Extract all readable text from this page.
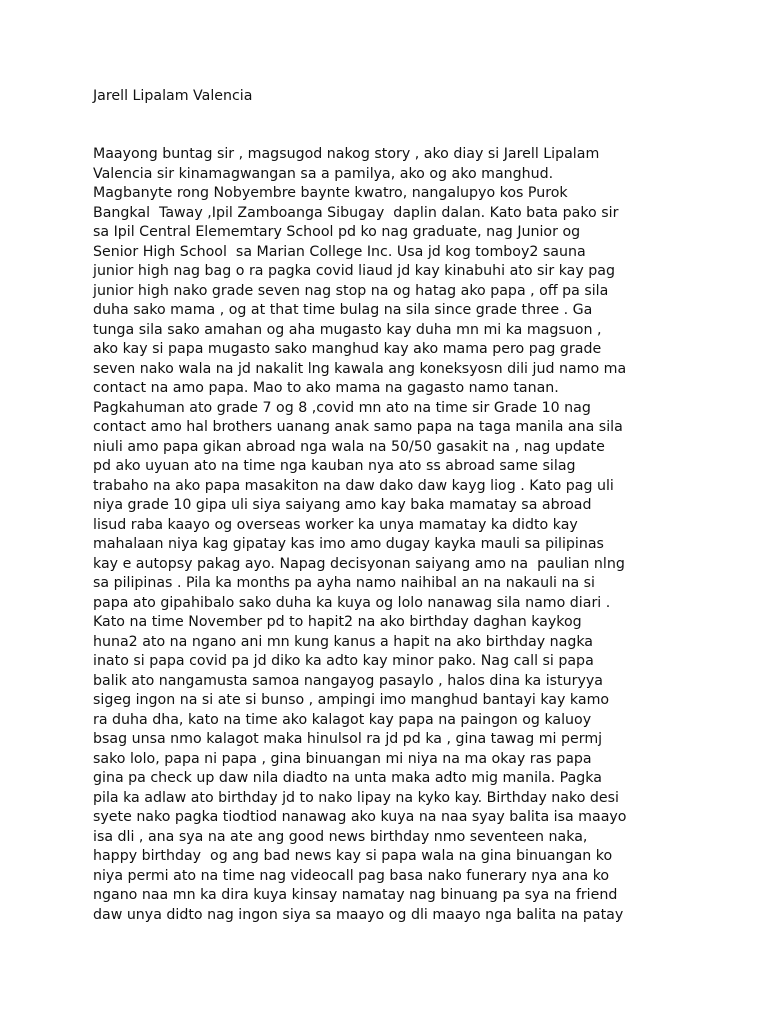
Jarell Lipalam Valencia
Maayong buntag sir , magsugod nakog story , ako diay si Jarell Lipalam
Valencia sir kinamagwangan sa a pamilya, ako og ako manghud.
Magbanyte rong Nobyembre baynte kwatro, nangalupyo kos Purok
Bangkal  Taway ,Ipil Zamboanga Sibugay  daplin dalan. Kato bata pako sir
sa Ipil Central Elememtary School pd ko nag graduate, nag Junior og
Senior High School  sa Marian College Inc. Usa jd kog tomboy2 sauna
junior high nag bag o ra pagka covid liaud jd kay kinabuhi ato sir kay pag
junior high nako grade seven nag stop na og hatag ako papa , off pa sila
duha sako mama , og at that time bulag na sila since grade three . Ga
tunga sila sako amahan og aha mugasto kay duha mn mi ka magsuon ,
ako kay si papa mugasto sako manghud kay ako mama pero pag grade
seven nako wala na jd nakalit lng kawala ang koneksyosn dili jud namo ma
contact na amo papa. Mao to ako mama na gagasto namo tanan.
Pagkahuman ato grade 7 og 8 ,covid mn ato na time sir Grade 10 nag
contact amo hal brothers uanang anak samo papa na taga manila ana sila
niuli amo papa gikan abroad nga wala na 50/50 gasakit na , nag update
pd ako uyuan ato na time nga kauban nya ato ss abroad same silag
trabaho na ako papa masakiton na daw dako daw kayg liog . Kato pag uli
niya grade 10 gipa uli siya saiyang amo kay baka mamatay sa abroad
lisud raba kaayo og overseas worker ka unya mamatay ka didto kay
mahalaan niya kag gipatay kas imo amo dugay kayka mauli sa pilipinas
kay e autopsy pakag ayo. Napag decisyonan saiyang amo na  paulian nlng
sa pilipinas . Pila ka months pa ayha namo naihibal an na nakauli na si
papa ato gipahibalo sako duha ka kuya og lolo nanawag sila namo diari .
Kato na time November pd to hapit2 na ako birthday daghan kaykog
huna2 ato na ngano ani mn kung kanus a hapit na ako birthday nagka
inato si papa covid pa jd diko ka adto kay minor pako. Nag call si papa
balik ato nangamusta samoa nangayog pasaylo , halos dina ka isturyya
sigeg ingon na si ate si bunso , ampingi imo manghud bantayi kay kamo
ra duha dha, kato na time ako kalagot kay papa na paingon og kaluoy
bsag unsa nmo kalagot maka hinulsol ra jd pd ka , gina tawag mi permj
sako lolo, papa ni papa , gina binuangan mi niya na ma okay ras papa
gina pa check up daw nila diadto na unta maka adto mig manila. Pagka
pila ka adlaw ato birthday jd to nako lipay na kyko kay. Birthday nako desi
syete nako pagka tiodtiod nanawag ako kuya na naa syay balita isa maayo
isa dli , ana sya na ate ang good news birthday nmo seventeen naka,
happy birthday  og ang bad news kay si papa wala na gina binuangan ko
niya permi ato na time nag videocall pag basa nako funerary nya ana ko
ngano naa mn ka dira kuya kinsay namatay nag binuang pa sya na friend
daw unya didto nag ingon siya sa maayo og dli maayo nga balita na patay
